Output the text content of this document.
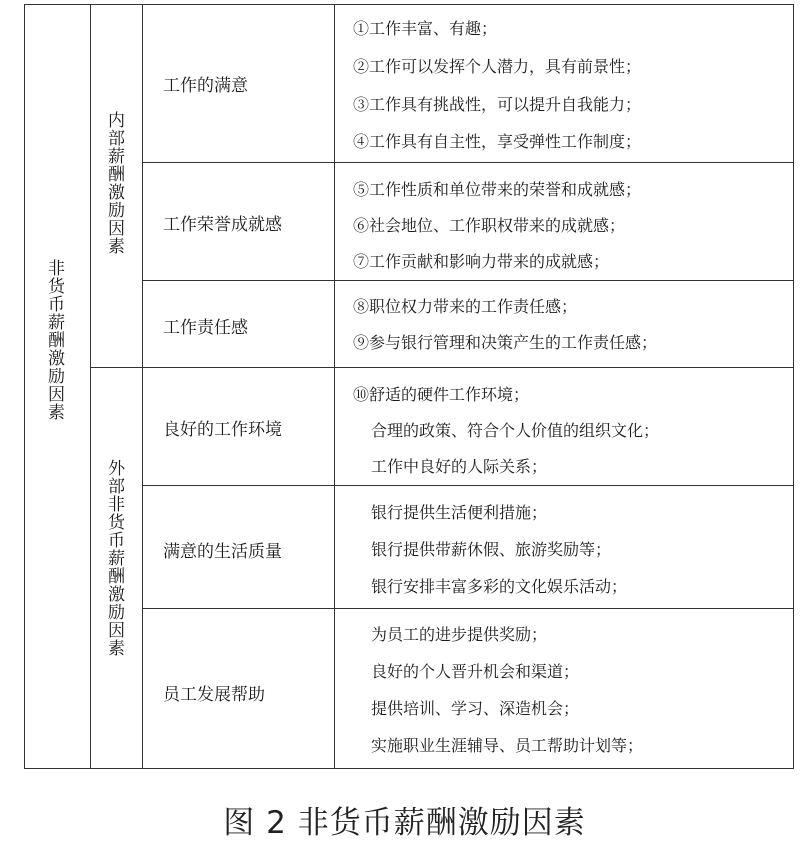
非货币薪酬激励因素
内部薪酬激励因素
外部非货币薪酬激励因素
工作的满意
工作荣誉成就感
工作责任感
良好的工作环境
满意的生活质量
员工发展帮助
①工作丰富、有趣；
②工作可以发挥个人潜力，具有前景性；
③工作具有挑战性，可以提升自我能力；
④工作具有自主性，享受弹性工作制度；
⑤工作性质和单位带来的荣誉和成就感；
⑥社会地位、工作职权带来的成就感；
⑦工作贡献和影响力带来的成就感；
⑧职位权力带来的工作责任感；
⑨参与银行管理和决策产生的工作责任感；
⑩舒适的硬件工作环境；
合理的政策、符合个人价值的组织文化；
工作中良好的人际关系；
银行提供生活便利措施；
银行提供带薪休假、旅游奖励等；
银行安排丰富多彩的文化娱乐活动；
为员工的进步提供奖励；
良好的个人晋升机会和渠道；
提供培训、学习、深造机会；
实施职业生涯辅导、员工帮助计划等；
图 2 非货币薪酬激励因素
